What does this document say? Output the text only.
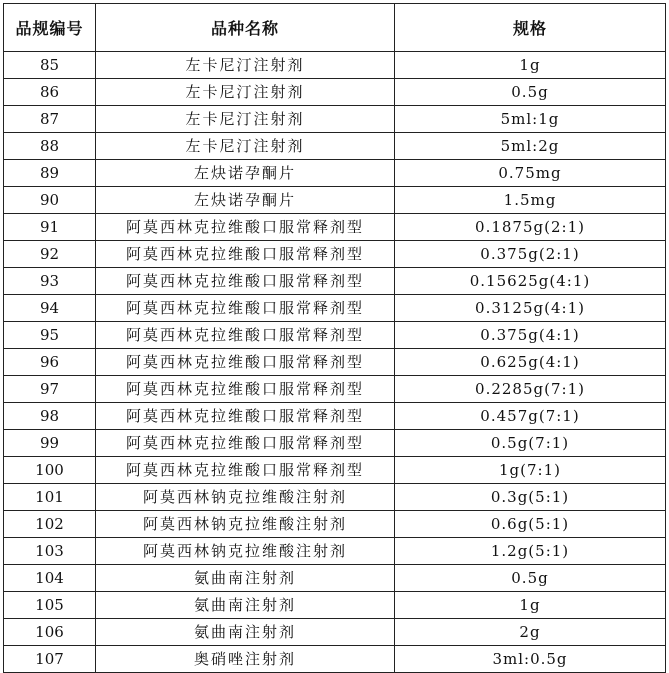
品规编号	品种名称	规格
85	左卡尼汀注射剂	1g
86	左卡尼汀注射剂	0.5g
87	左卡尼汀注射剂	5ml:1g
88	左卡尼汀注射剂	5ml:2g
89	左炔诺孕酮片	0.75mg
90	左炔诺孕酮片	1.5mg
91	阿莫西林克拉维酸口服常释剂型	0.1875g(2:1)
92	阿莫西林克拉维酸口服常释剂型	0.375g(2:1)
93	阿莫西林克拉维酸口服常释剂型	0.15625g(4:1)
94	阿莫西林克拉维酸口服常释剂型	0.3125g(4:1)
95	阿莫西林克拉维酸口服常释剂型	0.375g(4:1)
96	阿莫西林克拉维酸口服常释剂型	0.625g(4:1)
97	阿莫西林克拉维酸口服常释剂型	0.2285g(7:1)
98	阿莫西林克拉维酸口服常释剂型	0.457g(7:1)
99	阿莫西林克拉维酸口服常释剂型	0.5g(7:1)
100	阿莫西林克拉维酸口服常释剂型	1g(7:1)
101	阿莫西林钠克拉维酸注射剂	0.3g(5:1)
102	阿莫西林钠克拉维酸注射剂	0.6g(5:1)
103	阿莫西林钠克拉维酸注射剂	1.2g(5:1)
104	氨曲南注射剂	0.5g
105	氨曲南注射剂	1g
106	氨曲南注射剂	2g
107	奥硝唑注射剂	3ml:0.5g
